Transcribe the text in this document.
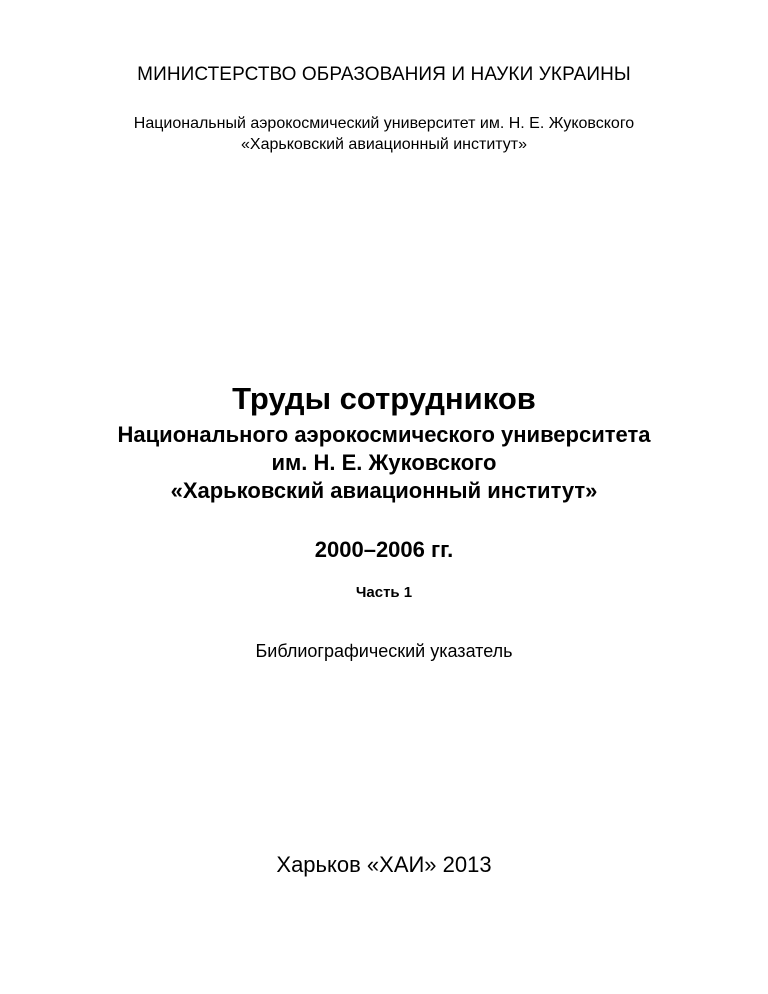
МИНИСТЕРСТВО ОБРАЗОВАНИЯ И НАУКИ УКРАИНЫ

Национальный аэрокосмический университет им. Н. Е. Жуковского

«Харьковский авиационный институт»

Труды сотрудников

Национального аэрокосмического университета

им. Н. Е. Жуковского

«Харьковский авиационный институт»

2000–2006 гг.

Часть 1

Библиографический указатель

Харьков «ХАИ» 2013
